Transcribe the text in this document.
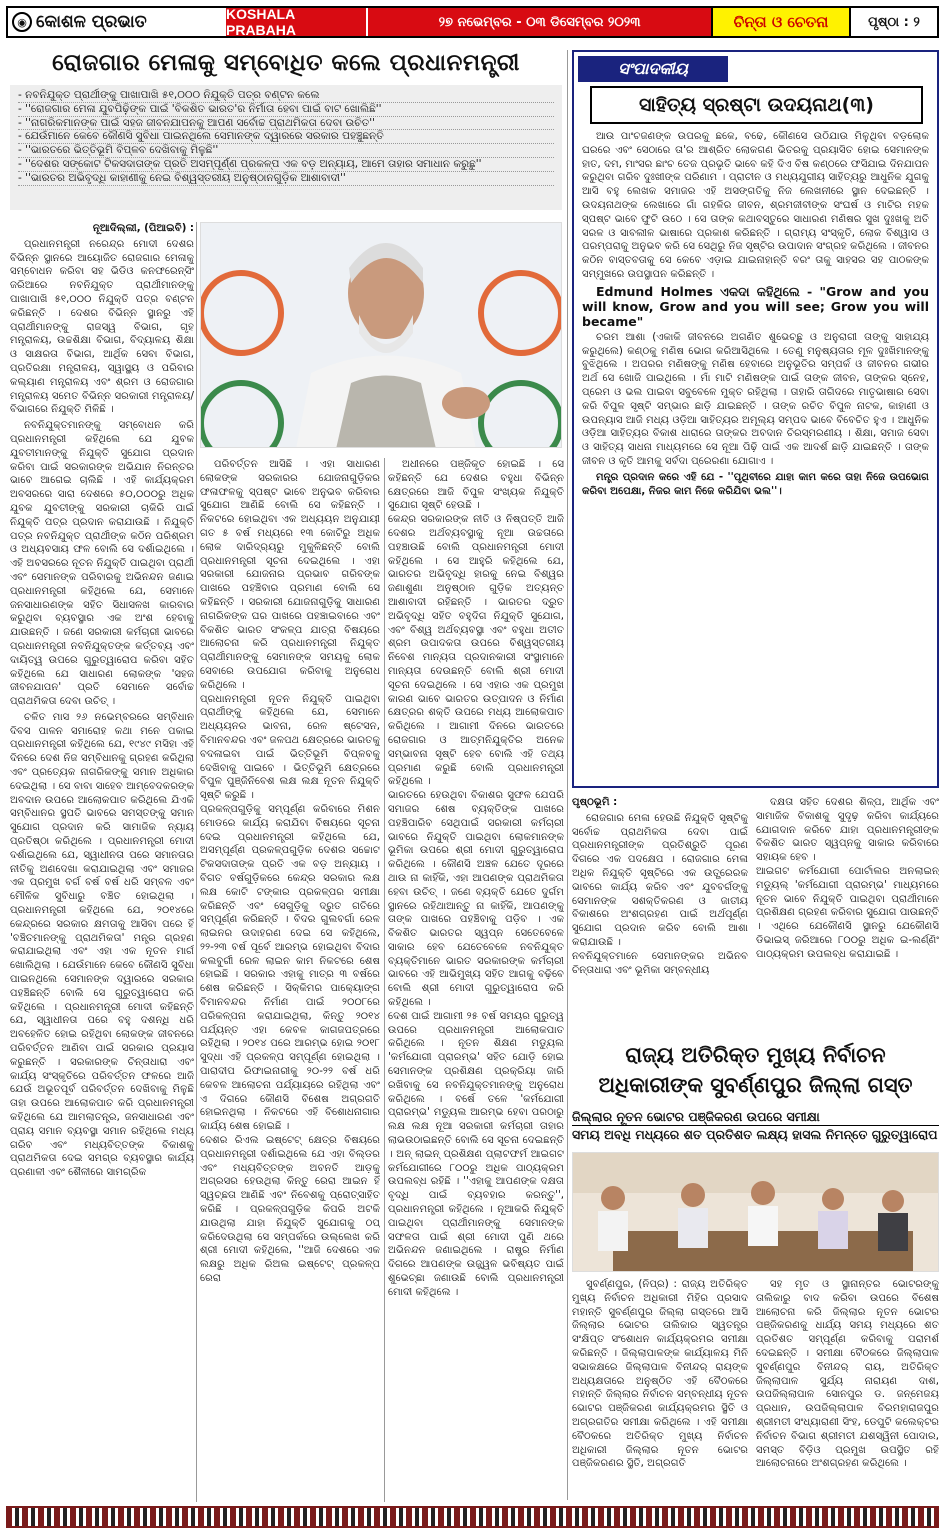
◉ କୋଶଳ ପ୍ରଭାତ	KOSHALA PRABAHA	୨୭ ନଭେମ୍ବର - ୦୩ ଡିସେମ୍ବର ୨୦୨୩	ଚିନ୍ତା ଓ ଚେତନା	ପୃଷ୍ଠା : ୨
ରୋଜଗାର ମେଳାକୁ ସମ୍ବୋଧିତ କଲେ ପ୍ରଧାନମନ୍ତ୍ରୀ
- ନବନିଯୁକ୍ତ ପ୍ରାର୍ଥୀଙ୍କୁ ପାଖାପାଖି ୫୧,୦୦୦ ନିଯୁକ୍ତି ପତ୍ର ବଣ୍ଟନ କଲେ
- ''ରୋଜଗାର ମେଳା ଯୁବପିଢ଼ିଙ୍କ ପାଇଁ 'ବିକଶିତ ଭାରତ'ର ନିର୍ମାତା ହେବା ପାଇଁ ବାଟ ଖୋଲିଛି''
- ''ନାଗରିକମାନଙ୍କ ପାଇଁ ସହଜ ଜୀବନଯାପନକୁ ଆପଣ ସର୍ବୋଚ୍ଚ ପ୍ରାଥମିକତା ଦେବା ଉଚିତ''
- ଯେଉଁମାନେ କେବେ କୌଣସି ସୁବିଧା ପାଇନଥିଲେ ସେମାନଙ୍କ ଦ୍ୱାରରେ ସରକାର ପହଞ୍ଚୁଛନ୍ତି
- ''ଭାରତରେ ଭିତ୍ତିଭୂମି ବିପ୍ଳବ ଦେଖିବାକୁ ମିଳୁଛି''
- ''ଦେଶର ସଙ୍କୋଟ ଟିକସଦାତାଙ୍କ ପ୍ରତି ଅସମ୍ପୂର୍ଣ୍ଣ ପ୍ରକଳ୍ପ ଏକ ବଡ଼ ଅନ୍ୟାୟ, ଆମେ ତାହାର ସମାଧାନ କରୁଛୁ''
- ''ଭାରତର ଅଭିବୃଦ୍ଧି କାହାଣୀକୁ ନେଇ ବିଶ୍ୱସ୍ତରୀୟ ଅନୁଷ୍ଠାନଗୁଡ଼ିକ ଆଶାବାଦୀ''

ନୂଆଦିଲ୍ଲୀ, (ପିଆଇବି) :

ପ୍ରଧାନମନ୍ତ୍ରୀ ନରେନ୍ଦ୍ର ମୋଦୀ ଦେଶର ବିଭିନ୍ନ ସ୍ଥାନରେ ଆୟୋଜିତ ରୋଜଗାର ମେଳାକୁ ସମ୍ବୋଧନ କରିବା ସହ ଭିଡିଓ କନଫରେନ୍ସିଂ ଜରିଆରେ ନବନିଯୁକ୍ତ ପ୍ରାର୍ଥୀମାନଙ୍କୁ ପାଖାପାଖି ୫୧,୦୦୦ ନିଯୁକ୍ତି ପତ୍ର ବଣ୍ଟନ କରିଛନ୍ତି । ଦେଶର ବିଭିନ୍ନ ସ୍ଥାନରୁ ଏହି ପ୍ରାର୍ଥୀମାନଙ୍କୁ ରାଜସ୍ୱ ବିଭାଗ, ଗୃହ ମନ୍ତ୍ରାଳୟ, ଉଚ୍ଚଶିକ୍ଷା ବିଭାଗ, ବିଦ୍ୟାଳୟ ଶିକ୍ଷା ଓ ସାକ୍ଷରତା ବିଭାଗ, ଆର୍ଥିକ ସେବା ବିଭାଗ, ପ୍ରତିରକ୍ଷା ମନ୍ତ୍ରାଳୟ, ସ୍ୱାସ୍ଥ୍ୟ ଓ ପରିବାର କଲ୍ୟାଣ ମନ୍ତ୍ରାଳୟ ଏବଂ ଶ୍ରମ ଓ ରୋଜଗାର ମନ୍ତ୍ରାଳୟ ସମେତ ବିଭିନ୍ନ ସରକାରୀ ମନ୍ତ୍ରାଳୟ/ବିଭାଗରେ ନିଯୁକ୍ତି ମିଳିଛି ।

ନବନିଯୁକ୍ତମାନଙ୍କୁ ସମ୍ବୋଧନ କରି ପ୍ରଧାନମନ୍ତ୍ରୀ କହିଥିଲେ ଯେ ଯୁବକ ଯୁବତୀମାନଙ୍କୁ ନିଯୁକ୍ତି ସୁଯୋଗ ପ୍ରଦାନ କରିବା ପାଇଁ ସରକାରଙ୍କ ଅଭିଯାନ ନିରନ୍ତର ଭାବେ ଆଗେଇ ଚାଲିଛି । ଏହି କାର୍ଯ୍ୟକ୍ରମ ଅବସରରେ ସାରା ଦେଶରେ ୫୦,୦୦୦ରୁ ଅଧିକ ଯୁବକ ଯୁବତୀଙ୍କୁ ସରକାରୀ ଚାକିରି ପାଇଁ ନିଯୁକ୍ତି ପତ୍ର ପ୍ରଦାନ କରାଯାଉଛି । ନିଯୁକ୍ତି ପତ୍ର ନବନିଯୁକ୍ତ ପ୍ରାର୍ଥୀଙ୍କ କଠିନ ପରିଶ୍ରମ ଓ ଅଧ୍ୟବସାୟ ଫଳ ବୋଲି ସେ ଦର୍ଶାଇଥିଲେ । ଏହି ଅବସରରେ ନୂତନ ନିଯୁକ୍ତି ପାଇଥିବା ପ୍ରାର୍ଥୀ ଏବଂ ସେମାନଙ୍କ ପରିବାରକୁ ଅଭିନନ୍ଦନ ଜଣାଇ ପ୍ରଧାନମନ୍ତ୍ରୀ କହିଥିଲେ ଯେ, ସେମାନେ ଜନସାଧାରଣଙ୍କ ସହିତ ସିଧାସଳଖ କାରବାର କରୁଥିବା ବ୍ୟବସ୍ଥାର ଏକ ଅଂଶ ହେବାକୁ ଯାଉଛନ୍ତି । ଜଣେ ସରକାରୀ କର୍ମଚାରୀ ଭାବରେ ପ୍ରଧାନମନ୍ତ୍ରୀ ନବନିଯୁକ୍ତଙ୍କ କର୍ତ୍ତବ୍ୟ ଏବଂ ଦାୟିତ୍ୱ ଉପରେ ଗୁରୁତ୍ୱାରୋପ କରିବା ସହିତ କହିଥିଲେ ଯେ ସାଧାରଣ ଲୋକଙ୍କ 'ସହଜ ଜୀବନଯାପନ' ପ୍ରତି ସେମାନେ ସର୍ବୋଚ୍ଚ ପ୍ରାଥମିକତା ଦେବା ଉଚିତ୍ ।

ଚଳିତ ମାସ ୨୬ ନଭେମ୍ବରରେ ସମ୍ବିଧାନ ଦିବସ ପାଳନ ସମାରୋହ କଥା ମନେ ପକାଇ ପ୍ରଧାନମନ୍ତ୍ରୀ କହିଥିଲେ ଯେ, ୧୯୪୯ ମସିହା ଏହି ଦିନରେ ଦେଶ ନିଜ ସମ୍ବିଧାନକୁ ଗ୍ରହଣ କରିଥିଲା ଏବଂ ପ୍ରତ୍ୟେକ ନାଗରିକଙ୍କୁ ସମାନ ଅଧିକାର ଦେଇଥିଲା । ସେ ବାବା ସାହେବ ଆମ୍ବେଦକରଙ୍କ ଅବଦାନ ଉପରେ ଆଲୋକପାତ କରିଥିଲେ ଯିଏକି ସମ୍ବିଧାନର ସ୍ଥପତି ଭାବରେ ସମସ୍ତଙ୍କୁ ସମାନ ସୁଯୋଗ ପ୍ରଦାନ କରି ସାମାଜିକ ନ୍ୟାୟ ପ୍ରତିଷ୍ଠା କରିଥିଲେ । ପ୍ରଧାନମନ୍ତ୍ରୀ ମୋଦୀ ଦର୍ଶାଇଥିଲେ ଯେ, ସ୍ୱାଧୀନତା ପରେ ସମାନତାର ନୀତିକୁ ଅଣଦେଖା କରାଯାଇଥିଲା ଏବଂ ସମାଜର ଏକ ପ୍ରମୁଖ ବର୍ଗ ବର୍ଷ ବର୍ଷ ଧରି ସମ୍ବଳ ଏବଂ ମୌଳିକ ସୁବିଧାରୁ ବଞ୍ଚିତ ହୋଇଥିଲା । ପ୍ରଧାନମନ୍ତ୍ରୀ କହିଥିଲେ ଯେ, ୨୦୧୪ରେ କେନ୍ଦ୍ରରେ ସରକାର କ୍ଷମତାକୁ ଆସିବା ପରେ ହିଁ 'ବଞ୍ଚିତମାନଙ୍କୁ ପ୍ରାଥମିକତା' ମନ୍ତ୍ର ଗ୍ରହଣ କରାଯାଇଥିଲା ଏବଂ ଏହା ଏକ ନୂତନ ମାର୍ଗ ଖୋଲିଥିଲା । ଯେଉଁମାନେ କେବେ କୌଣସି ସୁବିଧା ପାଇନଥିଲେ ସେମାନଙ୍କ ଦ୍ୱାରରେ ସରକାର ପହଞ୍ଚିଛନ୍ତି ବୋଲି ସେ ଗୁରୁତ୍ୱାରୋପ କରି କହିଥିଲେ । ପ୍ରଧାନମନ୍ତ୍ରୀ ମୋଦୀ କହିଛନ୍ତି ଯେ, ସ୍ୱାଧୀନତା ପରେ ବହୁ ଦଶନ୍ଧି ଧରି ଅବହେଳିତ ହୋଇ ରହିଥିବା ଲୋକଙ୍କ ଜୀବନରେ ପରିବର୍ତ୍ତନ ଆଣିବା ପାଇଁ ସରକାର ପ୍ରୟାସ କରୁଛନ୍ତି । ସରକାରଙ୍କ ଚିନ୍ତାଧାରା ଏବଂ କାର୍ଯ୍ୟ ସଂସ୍କୃତିରେ ପରିବର୍ତ୍ତନ ଫଳରେ ଆଜି ଯେଉଁ ଅଭୂତପୂର୍ବ ପରିବର୍ତ୍ତନ ଦେଖିବାକୁ ମିଳୁଛି ତାହା ଉପରେ ଆଲୋକପାତ କରି ପ୍ରଧାନମନ୍ତ୍ରୀ କହିଥିଲେ ଯେ ଆମଲାତନ୍ତ୍ର, ଜନସାଧାରଣ ଏବଂ ପ୍ରାୟ ସମାନ ବ୍ୟବସ୍ଥା ସମାନ ରହିଥିଲେ ମଧ୍ୟ ଗରିବ ଏବଂ ମଧ୍ୟବିତ୍ତଙ୍କ ବିକାଶକୁ ପ୍ରାଥମିକତା ଦେଇ ସମଗ୍ର ବ୍ୟବସ୍ଥାର କାର୍ଯ୍ୟ ପ୍ରଣାଳୀ ଏବଂ ଶୈଳୀରେ ସାମଗ୍ରିକ

ପରିବର୍ତ୍ତନ ଆସିଛି । ଏହା ସାଧାରଣ ଲୋକଙ୍କ ସରକାରର ଯୋଜନାଗୁଡ଼ିକର ଫଳାଫଳକୁ ସ୍ପଷ୍ଟ ଭାବେ ଅନୁଭବ କରିବାର ସୁଯୋଗ ଆଣିଛି ବୋଲି ସେ କହିଛନ୍ତି । ନିକଟରେ ହୋଇଥିବା ଏକ ଅଧ୍ୟୟନ ଅନୁଯାୟୀ ଗତ ୫ ବର୍ଷ ମଧ୍ୟରେ ୧୩ କୋଟିରୁ ଅଧିକ ଲୋକ ଦାରିଦ୍ର୍ୟରୁ ମୁକୁଳିଛନ୍ତି ବୋଲି ପ୍ରଧାନମନ୍ତ୍ରୀ ସୂଚନା ଦେଇଥିଲେ । ଏହା ସରକାରୀ ଯୋଜନାର ପ୍ରଭାବ ଗରିବଙ୍କ ପାଖରେ ପହଞ୍ଚିବାର ପ୍ରମାଣ ବୋଲି ସେ କହିଛନ୍ତି । ସରକାରୀ ଯୋଜନାଗୁଡ଼ିକୁ ସାଧାରଣ ନାଗରିକଙ୍କ ଘର ପାଖରେ ପହଞ୍ଚାଇବାରେ ଏବଂ ବିକଶିତ ଭାରତ ସଂକଳ୍ପ ଯାତ୍ରା ବିଷୟରେ ଆଲୋଚନା କରି ପ୍ରଧାନମନ୍ତ୍ରୀ ନିଯୁକ୍ତ ପ୍ରାର୍ଥୀମାନଙ୍କୁ ସେମାନଙ୍କ ସମୟକୁ ଲୋକ ସେବାରେ ଉପଯୋଗ କରିବାକୁ ଅନୁରୋଧ କରିଥିଲେ ।
ପ୍ରଧାନମନ୍ତ୍ରୀ ନୂତନ ନିଯୁକ୍ତି ପାଇଥିବା ପ୍ରାର୍ଥୀଙ୍କୁ କହିଥିଲେ ଯେ, ସେମାନେ ଅଧ୍ୟୟନର ଭାବନା, ରେଳ ଷ୍ଟେସନ, ବିମାନବନ୍ଦର ଏବଂ ଜଳପଥ କ୍ଷେତ୍ରରେ ଭାରତକୁ ବଦଳାଇବା ପାଇଁ ଭିତ୍ତିଭୂମି ବିପ୍ଳବକୁ ଦେଖିବାକୁ ପାଇବେ । ଭିତ୍ତିଭୂମି କ୍ଷେତ୍ରରେ ବିପୁଳ ପୁଞ୍ଜିନିବେଶ ଲକ୍ଷ ଲକ୍ଷ ନୂତନ ନିଯୁକ୍ତି ସୃଷ୍ଟି କରୁଛି ।
ପ୍ରକଳ୍ପଗୁଡ଼ିକୁ ସମ୍ପୂର୍ଣ୍ଣ କରିବାରେ ମିଶନ ମୋଡରେ କାର୍ଯ୍ୟ କରାଯିବା ବିଷୟରେ ସୂଚନା ଦେଇ ପ୍ରଧାନମନ୍ତ୍ରୀ କହିଥିଲେ ଯେ, ଅସମ୍ପୂର୍ଣ୍ଣ ପ୍ରକଳ୍ପଗୁଡ଼ିକ ଦେଶର ସଚ୍ଚୋଟ ଟିକସଦାତାଙ୍କ ପ୍ରତି ଏକ ବଡ଼ ଅନ୍ୟାୟ । ବିଗତ ବର୍ଷଗୁଡ଼ିକରେ କେନ୍ଦ୍ର ସରକାର ଲକ୍ଷ ଲକ୍ଷ କୋଟି ଟଙ୍କାର ପ୍ରକଳ୍ପର ସମୀକ୍ଷା କରିଛନ୍ତି ଏବଂ ସେଗୁଡ଼ିକୁ ଦ୍ରୁତ ଗତିରେ ସମ୍ପୂର୍ଣ୍ଣ କରିଛନ୍ତି । ବିଦର ଗୁଲବର୍ଗା ରେଳ ଲାଇନର ଉଦାହରଣ ଦେଇ ସେ କହିଥିଲେ, ୨୨-୨୩ ବର୍ଷ ପୂର୍ବେ ଆରମ୍ଭ ହୋଇଥିବା ବିଦାର କଲବୁର୍ଗୀ ରେଳ ଲାଇନ କାମ ନିକଟରେ ଶେଷ ହୋଇଛି । ସରକାର ଏହାକୁ ମାତ୍ର ୩ ବର୍ଷରେ ଶେଷ କରିଛନ୍ତି । ସିକ୍କିମର ପାକ୍ୟୋଙ୍ଗ ବିମାନବନ୍ଦର ନିର୍ମାଣ ପାଇଁ ୨୦୦୮ରେ ପରିକଳ୍ପନା କରାଯାଇଥିଲା, କିନ୍ତୁ ୨୦୧୪ ପର୍ଯ୍ୟନ୍ତ ଏହା କେବଳ କାଗଜପତ୍ରରେ ରହିଥିଲା । ୨୦୧୪ ପରେ ଆରମ୍ଭ ହୋଇ ୨୦୧୮ ସୁଦ୍ଧା ଏହି ପ୍ରକଳ୍ପ ସମ୍ପୂର୍ଣ୍ଣ ହୋଇଥିଲା । ପାରାଦୀପ ରିଫାଇନାରୀକୁ ୨୦-୨୨ ବର୍ଷ ଧରି କେବଳ ଆଲୋଚନା ପର୍ଯ୍ୟାୟରେ ରହିଥିଲା ଏବଂ ଏ ଦିଗରେ କୌଣସି ବିଶେଷ ଅଗ୍ରଗତି ହୋଇନଥିଲା । ନିକଟରେ ଏହି ବିଶୋଧନାଗାର କାର୍ଯ୍ୟ ଶେଷ ହୋଇଛି ।
ଦେଶର ରିଏଲ ଇଷ୍ଟେଟ୍ କ୍ଷେତ୍ର ବିଷୟରେ ପ୍ରଧାନମନ୍ତ୍ରୀ ଦର୍ଶାଇଥିଲେ ଯେ ଏହା ବିଲ୍ଡର ଏବଂ ମଧ୍ୟବିତ୍ତଙ୍କ ଅବନତି ଆଡ଼କୁ ଅଗ୍ରସର ହେଉଥିଲା କିନ୍ତୁ ରେରା ଆଇନ ହିଁ ସ୍ୱଚ୍ଛତା ଆଣିଛି ଏବଂ ନିବେଶକୁ ପ୍ରୋତ୍ସାହିତ କରିଛି । ପ୍ରକଳ୍ପଗୁଡ଼ିକ କିପରି ଅଟକି ଯାଉଥିଲା ଯାହା ନିଯୁକ୍ତି ସୁଯୋଗକୁ ଠପ୍ କରିଦେଉଥିଲା ସେ ସମ୍ପର୍କରେ ଉଲ୍ଲେଖ କରି ଶ୍ରୀ ମୋଦୀ କହିଥିଲେ, ''ଆଜି ଦେଶରେ ଏକ ଲକ୍ଷରୁ ଅଧିକ ରିଅଲ ଇଷ୍ଟେଟ୍ ପ୍ରକଳ୍ପ ରେରା

ଅଧୀନରେ ପଞ୍ଜିକୃତ ହୋଇଛି । ସେ କହିଛନ୍ତି ଯେ ଦେଶର ବହୁଧା ବିଭିନ୍ନ କ୍ଷେତ୍ରରେ ଆଜି ବିପୁଳ ସଂଖ୍ୟକ ନିଯୁକ୍ତି ସୁଯୋଗ ସୃଷ୍ଟି ହେଉଛି ।
କେନ୍ଦ୍ର ସରକାରଙ୍କ ନୀତି ଓ ନିଷ୍ପତ୍ତି ଆଜି ଦେଶର ଅର୍ଥବ୍ୟବସ୍ଥାକୁ ନୂଆ ଉଚ୍ଚତାରେ ପହଞ୍ଚାଉଛି ବୋଲି ପ୍ରଧାନମନ୍ତ୍ରୀ ମୋଦୀ କହିଥିଲେ । ସେ ଆହୁରି କହିଥିଲେ ଯେ, ଭାରତର ଅଭିବୃଦ୍ଧି ହାରକୁ ନେଇ ବିଶ୍ୱର ଜଣାଶୁଣା ଅନୁଷ୍ଠାନ ଗୁଡ଼ିକ ଅତ୍ୟନ୍ତ ଆଶାବାଦୀ ରହିଛନ୍ତି । ଭାରତର ଦ୍ରୁତ ଅଭିବୃଦ୍ଧି ସହିତ ବହୁଦିଗ ନିଯୁକ୍ତି ସୁଯୋଗ, ଏବଂ ବିଶ୍ୱ ଅର୍ଥବ୍ୟବସ୍ଥା ଏବଂ ବହୁଧା ଅତୀତ ଶ୍ରମ ଉପାଦକତା ଉପରେ ବିଶ୍ୱସ୍ତରୀୟ ନିବେଶ ମାନ୍ୟତା ପ୍ରଦାନକାରୀ ସଂସ୍ଥାମାନେ ମାନ୍ୟତା ଦେଉଛନ୍ତି ବୋଲି ଶ୍ରୀ ମୋଦୀ ସୂଚନା ଦେଇଥିଲେ । ସେ ଏହାର ଏକ ପ୍ରମୁଖ କାରଣ ଭାବେ ଭାରତର ଉତ୍ପାଦନ ଓ ନିର୍ମାଣ କ୍ଷେତ୍ରର ଶକ୍ତି ଉପରେ ମଧ୍ୟ ଆଲୋକପାତ କରିଥିଲେ । ଆଗାମୀ ଦିନରେ ଭାରତରେ ରୋଜଗାର ଓ ଆତ୍ମନିଯୁକ୍ତିର ଅନେକ ସମ୍ଭାବନା ସୃଷ୍ଟି ହେବ ବୋଲି ଏହି ତଥ୍ୟ ପ୍ରମାଣ କରୁଛି ବୋଲି ପ୍ରଧାନମନ୍ତ୍ରୀ କହିଥିଲେ ।
ଭାରତରେ ହେଉଥିବା ବିକାଶର ସୁଫଳ ଯେପରି ସମାଜର ଶେଷ ବ୍ୟକ୍ତିଙ୍କ ପାଖରେ ପହଞ୍ଚିପାରିବ ସେଥିପାଇଁ ସରକାରୀ କର୍ମଚାରୀ ଭାବରେ ନିଯୁକ୍ତି ପାଇଥିବା ଲୋକମାନଙ୍କ ଭୂମିକା ଉପରେ ଶ୍ରୀ ମୋଦୀ ଗୁରୁତ୍ୱାରୋପ କରିଥିଲେ । କୌଣସି ଅଞ୍ଚଳ ଯେତେ ଦୂରରେ ଥାଉ ନା କାହିଁକି, ଏହା ଆପଣଙ୍କ ପ୍ରାଥମିକତା ହେବା ଉଚିତ୍ । ଜଣେ ବ୍ୟକ୍ତି ଯେତେ ଦୁର୍ଗମ ସ୍ଥାନରେ ରହିଥାଆନ୍ତୁ ନା କାହିଁକି, ଆପଣଙ୍କୁ ତାଙ୍କ ପାଖରେ ପହଞ୍ଚିବାକୁ ପଡ଼ିବ । ଏକ ବିକଶିତ ଭାରତର ସ୍ୱପ୍ନ ସେତେବେଳେ ସାକାର ହେବ ଯେତେବେଳେ ନବନିଯୁକ୍ତ ବ୍ୟକ୍ତିମାନେ ଭାରତ ସରକାରଙ୍କ କର୍ମଚାରୀ ଭାବରେ ଏହି ଆଭିମୁଖ୍ୟ ସହିତ ଆଗକୁ ବଢ଼ିବେ ବୋଲି ଶ୍ରୀ ମୋଦୀ ଗୁରୁତ୍ୱାରୋପ କରି କହିଥିଲେ ।
ଦେଶ ପାଇଁ ଆଗାମୀ ୨୫ ବର୍ଷ ସମୟର ଗୁରୁତ୍ୱ ଉପରେ ପ୍ରଧାନମନ୍ତ୍ରୀ ଆଲୋକପାତ କରିଥିଲେ । ନୂତନ ଶିକ୍ଷଣ ମଡ୍ୟୁଲ 'କର୍ମଯୋଗୀ ପ୍ରାରମ୍ଭ' ସହିତ ଯୋଡ଼ି ହୋଇ ସେମାନଙ୍କ ପ୍ରଶିକ୍ଷଣ ପ୍ରକ୍ରିୟା ଜାରି ରଖିବାକୁ ସେ ନବନିଯୁକ୍ତମାନଙ୍କୁ ଅନୁରୋଧ କରିଥିଲେ । ବର୍ଷେ ତଳେ 'କର୍ମଯୋଗୀ ପ୍ରାରମ୍ଭ' ମଡ୍ୟୁଲ ଆରମ୍ଭ ହେବା ପରଠାରୁ ଲକ୍ଷ ଲକ୍ଷ ନୂଆ ସରକାରୀ କର୍ମଚାରୀ ତାହାର ଲାଭଉଠାଇଛନ୍ତି ବୋଲି ସେ ସୂଚନା ଦେଇଛନ୍ତି । ଅନ୍ ଲାଇନ୍ ପ୍ରଶିକ୍ଷଣ ପ୍ଲାଟଫର୍ମ ଆଇଗଟ କର୍ମଯୋଗୀରେ ୮୦୦ରୁ ଅଧିକ ପାଠ୍ୟକ୍ରମ ଉପଲବ୍ଧ ରହିଛି । ''ଏହାକୁ ଆପଣଙ୍କ ଦକ୍ଷତା ବୃଦ୍ଧି ପାଇଁ ବ୍ୟବହାର କରନ୍ତୁ'', ପ୍ରଧାନମନ୍ତ୍ରୀ କହିଥିଲେ । ନୂଆକରି ନିଯୁକ୍ତି ପାଇଥିବା ପ୍ରାର୍ଥୀମାନଙ୍କୁ ସେମାନଙ୍କ ସଫଳତା ପାଇଁ ଶ୍ରୀ ମୋଦୀ ପୁଣି ଥରେ ଅଭିନନ୍ଦନ ଜଣାଇଥିଲେ । ରାଷ୍ଟ୍ର ନିର୍ମାଣ ଦିଗରେ ଆପଣଙ୍କ ଉଜ୍ଜ୍ୱଳ ଭବିଷ୍ୟତ ପାଇଁ ଶୁଭେଚ୍ଛା ଜଣାଉଛି ବୋଲି ପ୍ରଧାନମନ୍ତ୍ରୀ ମୋଦୀ କହିଥିଲେ ।

ସଂପାଦକୀୟ
ସାହିତ୍ୟ ସ୍ରଷ୍ଟା ଉଦୟନାଥ(୩)

ଆଉ ପାଂଚଜଣଙ୍କ ଉପରକୁ ଛକେ, ବଢେ, କୌଣସେ ଉଠିଯାଉ ମିଳୁଥିବା ବଡ଼ଲୋକ ଘରରେ ଏବଂ ସେଠାରେ ତା'ର ଆଶ୍ରିତ ଲୋକଗଣ ଭିତରକୁ ପ୍ରୟାସିତ ହୋଇ ସେମାନଙ୍କ ହାତ, ଦମ, ମାଂସର ଛାଂଚ ତେଜ ପ୍ରଭୃତି ଭାବେ କହି ଦିଏ ବିଷ କଣ୍ଠରେ ଫସିଯାଇ ଦିନଯାପନ କରୁଥିବା ଗରିବ ଦୁଃଖୀଙ୍କ ପରିଣାମ । ପ୍ରାଚୀନ ଓ ମଧ୍ୟଯୁଗୀୟ ସାହିତ୍ୟରୁ ଆଧୁନିକ ଯୁଗକୁ ଆସି ବହୁ ଲେଖକ ସମାଜର ଏହି ଅସଙ୍ଗତିକୁ ନିଜ ଲେଖନୀରେ ସ୍ଥାନ ଦେଇଛନ୍ତି । ଉଦୟନାଥଙ୍କ ଲେଖାରେ ଗାଁ ଗହଳିର ଜୀବନ, ଶ୍ରମଜୀବୀଙ୍କ ସଂଘର୍ଷ ଓ ମାଟିର ମହକ ସ୍ପଷ୍ଟ ଭାବେ ଫୁଟି ଉଠେ । ସେ ତାଙ୍କ କଥାବସ୍ତୁରେ ସାଧାରଣ ମଣିଷର ସୁଖ ଦୁଃଖକୁ ଅତି ସରଳ ଓ ସାବଲୀଳ ଭାଷାରେ ପ୍ରକାଶ କରିଛନ୍ତି । ଗ୍ରାମ୍ୟ ସଂସ୍କୃତି, ଲୋକ ବିଶ୍ୱାସ ଓ ପରମ୍ପରାକୁ ଅନୁଭବ କରି ସେ ସେଥିରୁ ନିଜ ସୃଷ୍ଟିର ଉପାଦାନ ସଂଗ୍ରହ କରିଥିଲେ । ଜୀବନର କଠିନ ବାସ୍ତବତାକୁ ସେ କେବେ ଏଡ଼ାଇ ଯାଇନାହାନ୍ତି ବରଂ ତାକୁ ସାହସର ସହ ପାଠକଙ୍କ ସମ୍ମୁଖରେ ଉପସ୍ଥାପନ କରିଛନ୍ତି ।

Edmund Holmes ଏକଦା କହିଥିଲେ - "Grow and you will know, Grow and you will see; Grow you will became"

ଚରମ ଆଶା (ଏକାକି ଜୀବନରେ ଅଗଣିତ ଶୁଭେଚ୍ଛୁ ଓ ଅନୁରାଗୀ ତାଙ୍କୁ ସାହାଯ୍ୟ କରୁଥିଲେ) କଣ୍ଠକୁ ମଣିଷ ଭୋଗ କରିଆସିଥିଲେ । ତେଣୁ ମନୁଷ୍ୟତାର ମୂଳ ଦୁଃଖିମାନଙ୍କୁ ବୁଝିଥିଲେ । ଅପରର ମଣିଷଙ୍କୁ ମଣିଷ ହେବାରେ ଅନୁଭୂତିର ସମ୍ପର୍କ ଓ ଜୀବନର ଗଭୀର ଅର୍ଥ ସେ ଖୋଜି ପାଇଥିଲେ । ମାଁ ମାଟି ମଣିଷଙ୍କ ପାଇଁ ତାଙ୍କ ଜୀବନ, ତାଙ୍କର ସ୍ନେହ, ପ୍ରେମ ଓ ଭଲ ପାଇବା ସବୁବେଳେ ମୁକ୍ତ ରହିଥିଲା । ତାହାରି ତାଗିଦରେ ମାତୃଭାଷାର ସେବା କରି ବିପୁଳ ସୃଷ୍ଟି ସମ୍ଭାର ଛାଡ଼ି ଯାଇଛନ୍ତି । ତାଙ୍କ ରଚିତ ବିପୁଳ ନାଟକ, କାହାଣୀ ଓ ଉପନ୍ୟାସ ଆଜି ମଧ୍ୟ ଓଡ଼ିଆ ସାହିତ୍ୟର ଅମୂଲ୍ୟ ସମ୍ପଦ ଭାବେ ବିବେଚିତ ହୁଏ । ଆଧୁନିକ ଓଡ଼ିଆ ସାହିତ୍ୟର ବିକାଶ ଧାରାରେ ତାଙ୍କର ଅବଦାନ ଚିରସ୍ମରଣୀୟ । ଶିକ୍ଷା, ସମାଜ ସେବା ଓ ସାହିତ୍ୟ ସାଧନା ମାଧ୍ୟମରେ ସେ ନୂଆ ପିଢ଼ି ପାଇଁ ଏକ ଆଦର୍ଶ ଛାଡ଼ି ଯାଇଛନ୍ତି । ତାଙ୍କ ଜୀବନ ଓ କୃତି ଆମକୁ ସର୍ବଦା ପ୍ରେରଣା ଯୋଗାଏ ।

ମନ୍ତ୍ର ପ୍ରଦାନ କରେ ଏହି ଯେ - ''ପୃଥିବୀରେ ଯାହା କାମ କରେ ତାହା ନିଜେ ଉପଭୋଗ କରିବା ଅପେକ୍ଷା, ନିଜର କାମ ନିଜେ କରିଯିବା ଭଲ''।

ପୃଷ୍ଠଭୂମି :

ରୋଜଗାର ମେଳା ହେଉଛି ନିଯୁକ୍ତି ସୃଷ୍ଟିକୁ ସର୍ବୋଚ୍ଚ ପ୍ରାଥମିକତା ଦେବା ପାଇଁ ପ୍ରଧାନମନ୍ତ୍ରୀଙ୍କ ପ୍ରତିଶ୍ରୁତି ପୂରଣ ଦିଗରେ ଏକ ପଦକ୍ଷେପ । ରୋଜଗାର ମେଳା ଅଧିକ ନିଯୁକ୍ତି ସୃଷ୍ଟିରେ ଏକ ଉତ୍ପ୍ରେରକ ଭାବରେ କାର୍ଯ୍ୟ କରିବ ଏବଂ ଯୁବବର୍ଗଙ୍କୁ ସେମାନଙ୍କ ସଶକ୍ତିକରଣ ଓ ଜାତୀୟ ବିକାଶରେ ଅଂଶଗ୍ରହଣ ପାଇଁ ଅର୍ଥପୂର୍ଣ୍ଣ ସୁଯୋଗ ପ୍ରଦାନ କରିବ ବୋଲି ଆଶା କରାଯାଉଛି ।
ନବନିଯୁକ୍ତମାନେ ସେମାନଙ୍କର ଅଭିନବ ଚିନ୍ତାଧାରା ଏବଂ ଭୂମିକା ସମ୍ବନ୍ଧୀୟ

ଦକ୍ଷତା ସହିତ ଦେଶର ଶିଳ୍ପ, ଆର୍ଥିକ ଏବଂ ସାମାଜିକ ବିକାଶକୁ ସୁଦୃଢ଼ କରିବା କାର୍ଯ୍ୟରେ ଯୋଗଦାନ କରିବେ ଯାହା ପ୍ରଧାନମନ୍ତ୍ରୀଙ୍କ ବିକଶିତ ଭାରତ ସ୍ୱପ୍ନକୁ ସାକାର କରିବାରେ ସହାୟକ ହେବ ।
ଆଇଗଟ କର୍ମଯୋଗୀ ପୋର୍ଟାଲର ଅନଲାଇନ୍ ମଡ୍ୟୁଲ୍ 'କର୍ମଯୋଗୀ ପ୍ରାରମ୍ଭ' ମାଧ୍ୟମରେ ନୂତନ ଭାବେ ନିଯୁକ୍ତି ପାଇଥିବା ପ୍ରାର୍ଥୀମାନେ ପ୍ରଶିକ୍ଷଣ ଗ୍ରହଣ କରିବାର ସୁଯୋଗ ପାଉଛନ୍ତି । ଏଥିରେ ଯେକୌଣସି ସ୍ଥାନରୁ ଯେକୌଣସି ଡିଭାଇସ୍ ଜରିଆରେ ୮୦୦ରୁ ଅଧିକ ଇ-ଲର୍ଣ୍ଣିଂ ପାଠ୍ୟକ୍ରମ ଉପଲବ୍ଧ କରାଯାଇଛି ।

ରାଜ୍ୟ ଅତିରିକ୍ତ ମୁଖ୍ୟ ନିର୍ବାଚନ ଅଧିକାରୀଙ୍କ ସୁବର୍ଣ୍ଣପୁର ଜିଲ୍ଲା ଗସ୍ତ
ଜିଲ୍ଲାର ନୂତନ ଭୋଟର ପଞ୍ଜିକରଣ ଉପରେ ସମୀକ୍ଷା
ସମୟ ଅବଧି ମଧ୍ୟରେ ଶତ ପ୍ରତିଶତ ଲକ୍ଷ୍ୟ ହାସଲ ନିମନ୍ତେ ଗୁରୁତ୍ୱାରୋପ

ସୁବର୍ଣ୍ଣପୁର, (ନିପ୍ର) : ରାଜ୍ୟ ଅତିରିକ୍ତ ମୁଖ୍ୟ ନିର୍ବାଚନ ଅଧିକାରୀ ମିହିର ପ୍ରସାଦ ମହାନ୍ତି ସୁବର୍ଣ୍ଣପୁର ଜିଲ୍ଲା ଗସ୍ତରେ ଆସି ଜିଲ୍ଲାର ଭୋଟର ତାଲିକାର ସ୍ୱତନ୍ତ୍ର ସଂକ୍ଷିପ୍ତ ସଂଶୋଧନ କାର୍ଯ୍ୟକ୍ରମର ସମୀକ୍ଷା କରିଛନ୍ତି । ଜିଲ୍ଲାପାଳଙ୍କ କାର୍ଯ୍ୟାଳୟ ମିନି ସଭାକକ୍ଷରେ ଜିଲ୍ଲାପାଳ ବିନୀନ୍ଦର୍ ରାୟଙ୍କ ଅଧ୍ୟକ୍ଷତାରେ ଅନୁଷ୍ଠିତ ଏହି ବୈଠକରେ ମହାନ୍ତି ଜିଲ୍ଲାର ନିର୍ବାଚନ ସମ୍ବନ୍ଧୀୟ ନୂତନ ଭୋଟର ପଞ୍ଜିକରଣ କାର୍ଯ୍ୟକ୍ରମର ସ୍ଥିତି ଓ ଅଗ୍ରଗତିର ସମୀକ୍ଷା କରିଥିଲେ । ଏହି ସମୀକ୍ଷା ବୈଠକରେ ଅତିରିକ୍ତ ମୁଖ୍ୟ ନିର୍ବାଚନ ଅଧିକାରୀ ଜିଲ୍ଲାର ନୂତନ ଭୋଟର ପଞ୍ଜିକରଣର ସ୍ଥିତି, ଅଗ୍ରଗତି

ସହ ମୃତ ଓ ସ୍ଥାନାନ୍ତର ଭୋଟରଙ୍କୁ ତାଲିକାରୁ ବାଦ କରିବା ଉପରେ ବିଶେଷ ଆଲୋଚନା କରି ଜିଲ୍ଲାର ନୂତନ ଭୋଟର ପଞ୍ଜିକରଣକୁ ଧାର୍ଯ୍ୟ ସମୟ ମଧ୍ୟରେ ଶତ ପ୍ରତିଶତ ସମ୍ପୂର୍ଣ୍ଣ କରିବାକୁ ପରାମର୍ଶ ଦେଇଛନ୍ତି । ସମୀକ୍ଷା ବୈଠକରେ ଜିଲ୍ଲାପାଳ ସୁବର୍ଣ୍ଣପୁର ବିନୀନ୍ଦର୍ ରାୟ, ଅତିରିକ୍ତ ଜିଲ୍ଲାପାଳ ସୁର୍ଯ୍ୟ ନାରାୟଣ ଦାଶ, ଉପଜିଲ୍ଲାପାଳ ସୋନପୁର ଡ. ଜନ୍ମେଜୟ ପ୍ରଧାନ, ଉପଜିଲ୍ଲାପାଳ ବିରମହାରାଜପୁର ଶ୍ରୀମତୀ ସଂଧ୍ୟାରାଣୀ ସିଂହ, ଡେପୁଟି କଲେକ୍ଟର ନିର୍ବାଚନ ବିଭାଗ ଶ୍ରୀମତୀ ଯଶସ୍ୱିନୀ ପୋଦାର, ସମସ୍ତ ବିଡ଼ିଓ ପ୍ରମୁଖ ଉପସ୍ଥିତ ରହି ଆଲୋଚନାରେ ଅଂଶଗ୍ରହଣ କରିଥିଲେ ।
